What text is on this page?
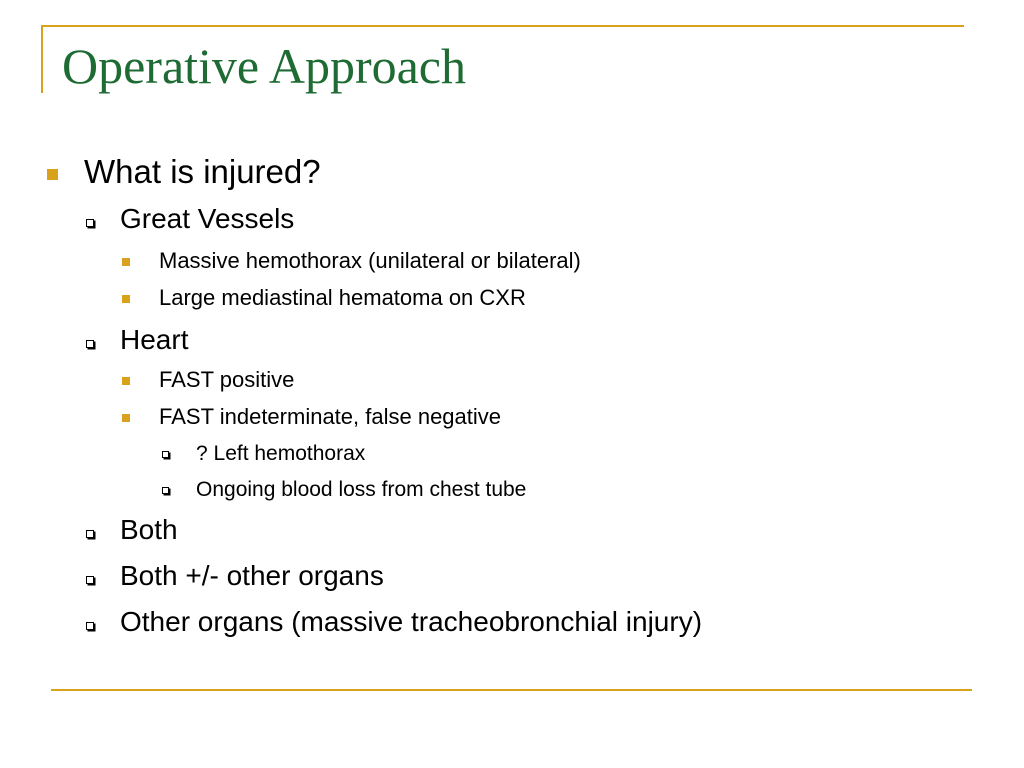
Operative Approach
What is injured?
Great Vessels
Massive hemothorax (unilateral or bilateral)
Large mediastinal hematoma on CXR
Heart
FAST positive
FAST indeterminate, false negative
? Left hemothorax
Ongoing blood loss from chest tube
Both
Both +/- other organs
Other organs (massive tracheobronchial injury)
